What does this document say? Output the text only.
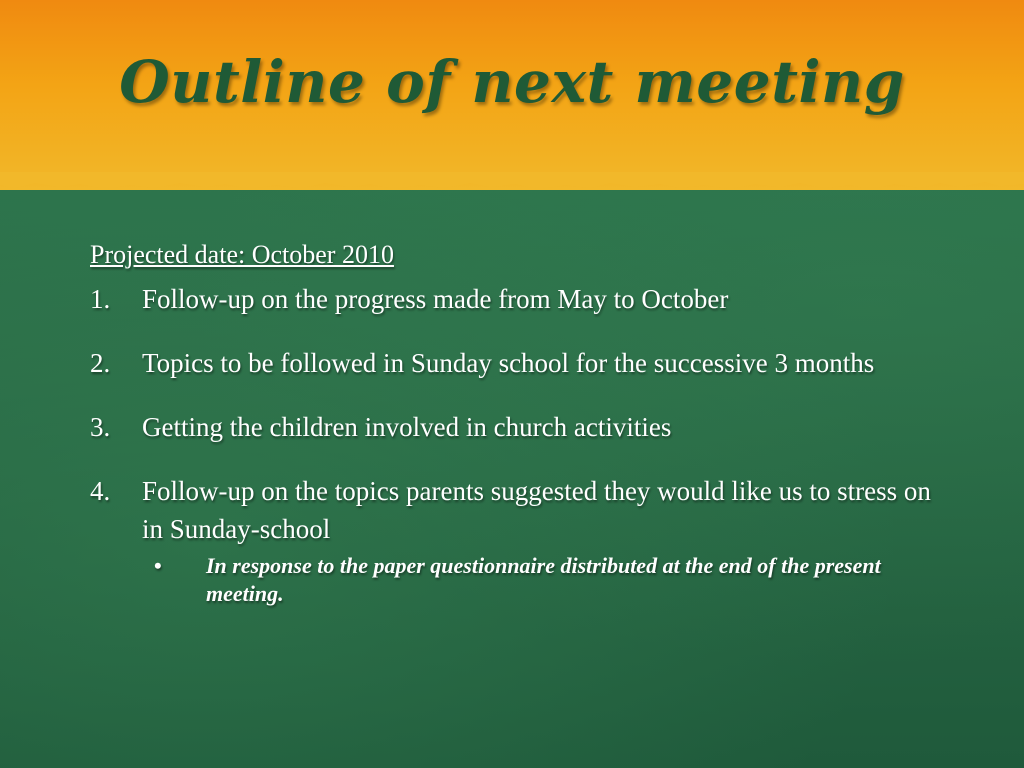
Outline of next meeting
Projected date: October 2010
1. Follow-up on the progress made from May to October
2. Topics to be followed in Sunday school for the successive 3 months
3. Getting the children involved in church activities
4. Follow-up on the topics parents suggested they would like us to stress on in Sunday-school
• In response to the paper questionnaire distributed at the end of the present meeting.
